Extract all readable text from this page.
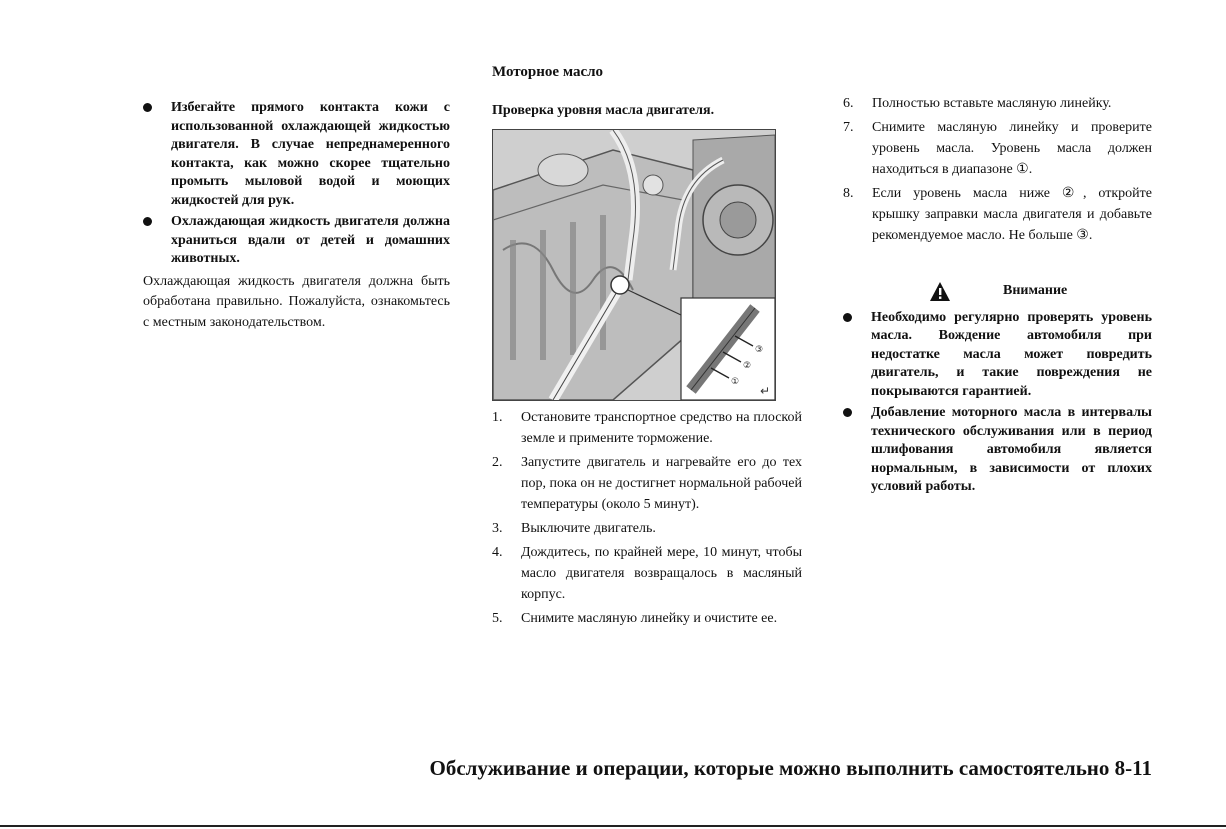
Избегайте прямого контакта кожи с использованной охлаждающей жидкостью двигателя. В случае непреднамеренного контакта, как можно скорее тщательно промыть мыловой водой и моющих жидкостей для рук.
Охлаждающая жидкость двигателя должна храниться вдали от детей и домашних животных.

Охлаждающая жидкость двигателя должна быть обработана правильно. Пожалуйста, ознакомьтесь с местным законодательством.

Моторное масло
Проверка уровня масла двигателя.
①
②
③
↵
1. Остановите транспортное средство на плоской земле и примените торможение.
2. Запустите двигатель и нагревайте его до тех пор, пока он не достигнет нормальной рабочей температуры (около 5 минут).
3. Выключите двигатель.
4. Дождитесь, по крайней мере, 10 минут, чтобы масло двигателя возвращалось в масляный корпус.
5. Снимите масляную линейку и очистите ее.
6. Полностью вставьте масляную линейку.
7. Снимите масляную линейку и проверите уровень масла. Уровень масла должен находиться в диапазоне ①.
8. Если уровень масла ниже ②, откройте крышку заправки масла двигателя и добавьте рекомендуемое масло. Не больше ③.
Внимание
Необходимо регулярно проверять уровень масла. Вождение автомобиля при недостатке масла может повредить двигатель, и такие повреждения не покрываются гарантией.
Добавление моторного масла в интервалы технического обслуживания или в период шлифования автомобиля является нормальным, в зависимости от плохих условий работы.
Обслуживание и операции, которые можно выполнить самостоятельно 8-11
